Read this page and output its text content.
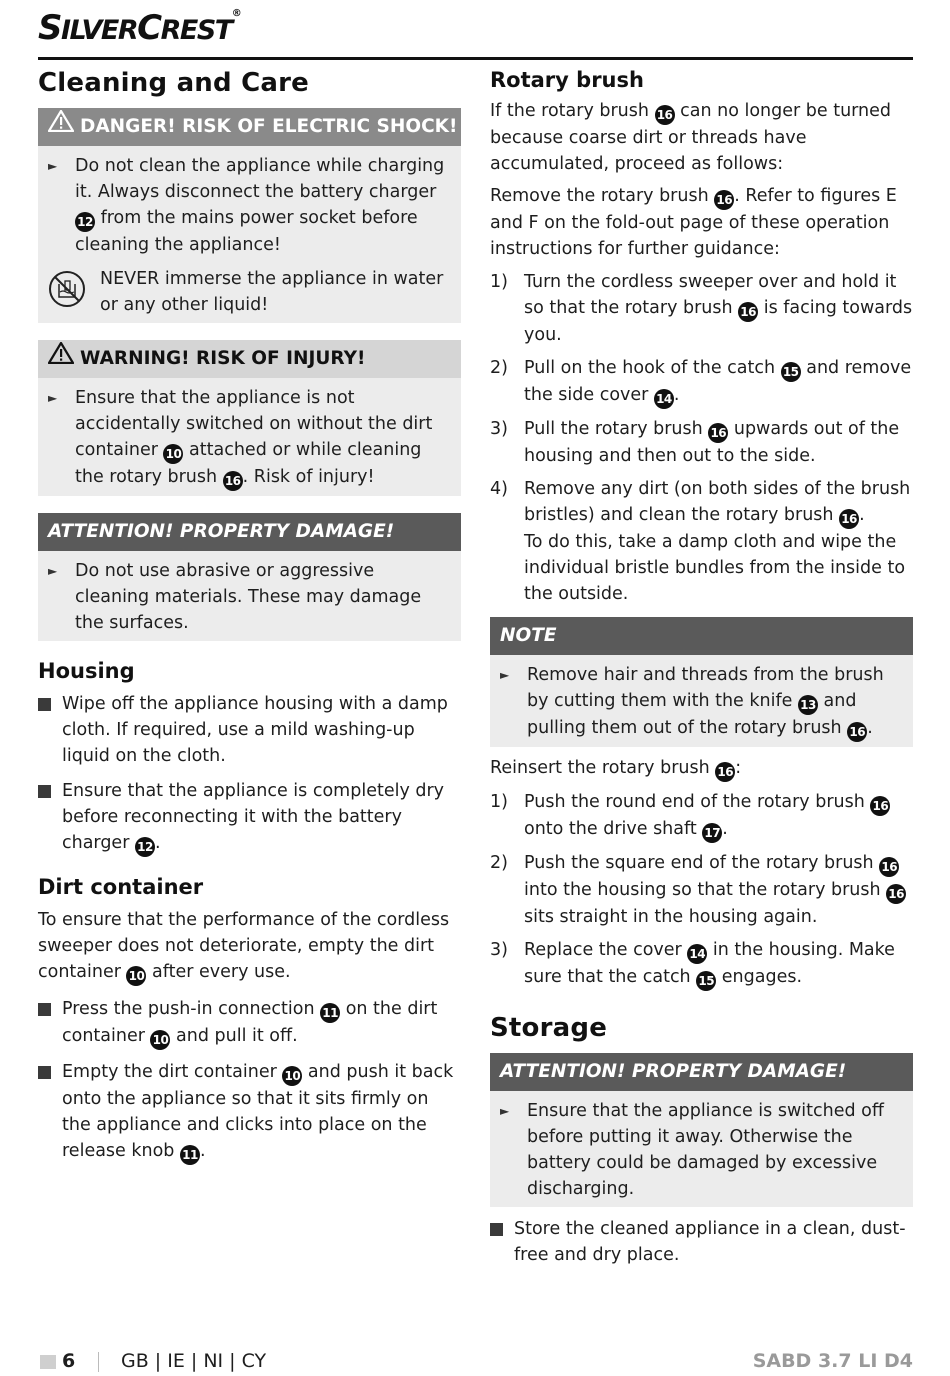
SILVERCREST®
Cleaning and Care
DANGER! RISK OF ELECTRIC SHOCK!
► Do not clean the appliance while charging it. Always disconnect the battery charger 12 from the mains power socket before cleaning the appliance!
NEVER immerse the appliance in water or any other liquid!
WARNING! RISK OF INJURY!
► Ensure that the appliance is not accidentally switched on without the dirt container 10 attached or while cleaning the rotary brush 16 . Risk of injury!
ATTENTION! PROPERTY DAMAGE!
► Do not use abrasive or aggressive cleaning materials. These may damage the surfaces.
Housing
Wipe off the appliance housing with a damp cloth. If required, use a mild washing-up liquid on the cloth.
Ensure that the appliance is completely dry before reconnecting it with the battery charger 12 .
Dirt container

To ensure that the performance of the cordless sweeper does not deteriorate, empty the dirt container 10 after every use.

Press the push-in connection 11 on the dirt container 10 and pull it off.
Empty the dirt container 10 and push it back onto the appliance so that it sits firmly on the appliance and clicks into place on the release knob 11 .
Rotary brush

If the rotary brush 16 can no longer be turned because coarse dirt or threads have accumulated, proceed as follows:

Remove the rotary brush 16 . Refer to figures E and F on the fold-out page of these operation instructions for further guidance:

1) Turn the cordless sweeper over and hold it so that the rotary brush 16 is facing towards you.
2) Pull on the hook of the catch 15 and remove the side cover 14 .
3) Pull the rotary brush 16 upwards out of the housing and then out to the side.
4) Remove any dirt (on both sides of the brush bristles) and clean the rotary brush 16 .
To do this, take a damp cloth and wipe the individual bristle bundles from the inside to the outside.
NOTE
► Remove hair and threads from the brush by cutting them with the knife 13 and pulling them out of the rotary brush 16 .

Reinsert the rotary brush 16 :

1) Push the round end of the rotary brush 16 onto the drive shaft 17 .
2) Push the square end of the rotary brush 16 into the housing so that the rotary brush 16 sits straight in the housing again.
3) Replace the cover 14 in the housing. Make sure that the catch 15 engages.
Storage
ATTENTION! PROPERTY DAMAGE!
► Ensure that the appliance is switched off before putting it away. Otherwise the battery could be damaged by excessive discharging.
Store the cleaned appliance in a clean, dust-free and dry place.
6 GB | IE | NI | CY	SABD 3.7 LI D4
